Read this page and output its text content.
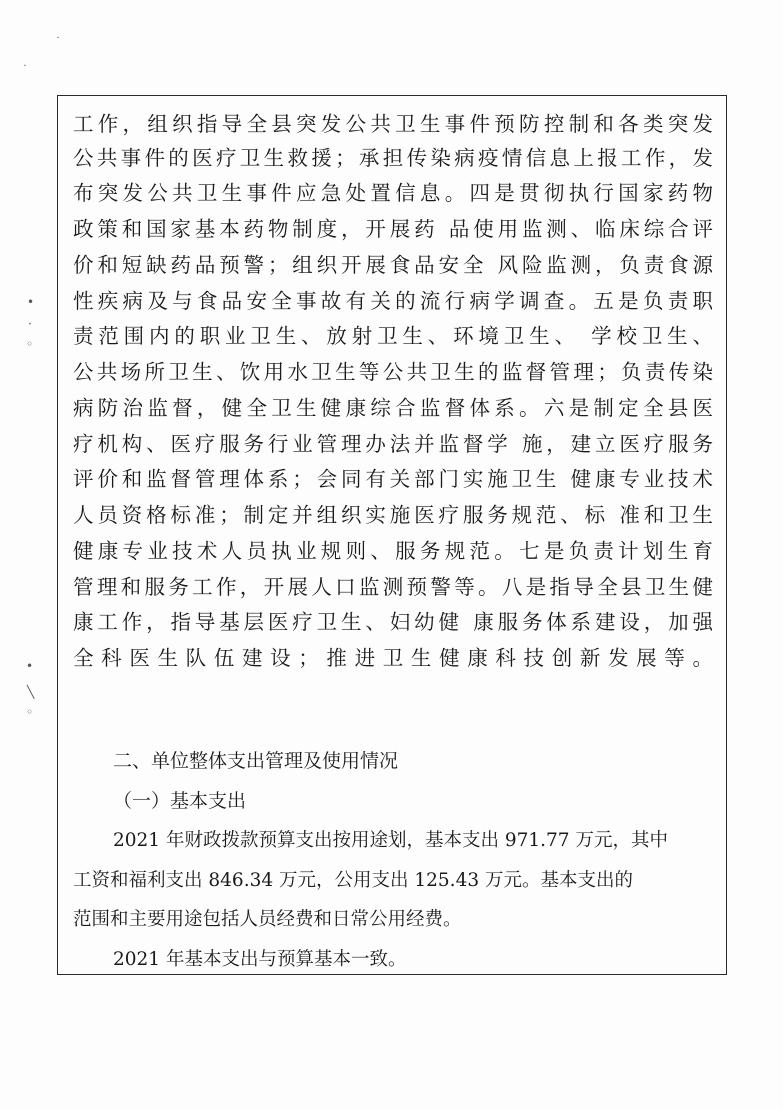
˙
˙
•
·
◦
•
╲
◦
工作，组织指导全县突发公共卫生事件预防控制和各类突发
公共事件的医疗卫生救援；承担传染病疫情信息上报工作，发
布突发公共卫生事件应急处置信息。四是贯彻执行国家药物
政策和国家基本药物制度，开展药 品使用监测、临床综合评
价和短缺药品预警；组织开展食品安全 风险监测，负责食源
性疾病及与食品安全事故有关的流行病学调查。五是负责职
责范围内的职业卫生、放射卫生、环境卫生、 学校卫生、
公共场所卫生、饮用水卫生等公共卫生的监督管理；负责传染
病防治监督，健全卫生健康综合监督体系。六是制定全县医
疗机构、医疗服务行业管理办法并监督学 施，建立医疗服务
评价和监督管理体系；会同有关部门实施卫生 健康专业技术
人员资格标准；制定并组织实施医疗服务规范、标 准和卫生
健康专业技术人员执业规则、服务规范。七是负责计划生育
管理和服务工作，开展人口监测预警等。八是指导全县卫生健
康工作，指导基层医疗卫生、妇幼健 康服务体系建设，加强
全科医生队伍建设；推进卫生健康科技创新发展等。
二、单位整体支出管理及使用情况
（一）基本支出
2021 年财政拨款预算支出按用途划，基本支出 971.77 万元，其中
工资和福利支出 846.34 万元，公用支出 125.43 万元。基本支出的
范围和主要用途包括人员经费和日常公用经费。
2021 年基本支出与预算基本一致。
